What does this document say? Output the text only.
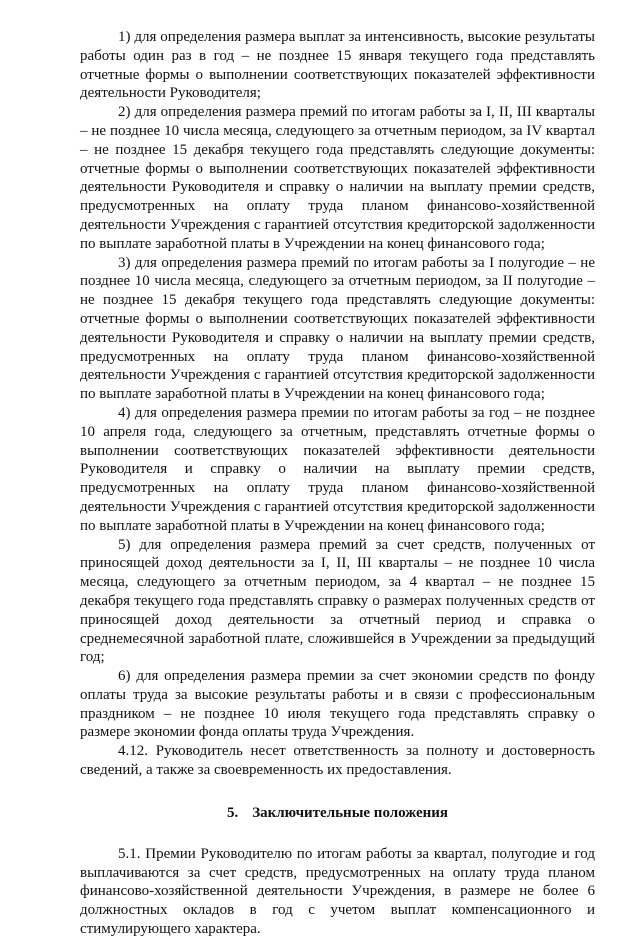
1) для определения размера выплат за интенсивность, высокие результаты работы один раз в год – не позднее 15 января текущего года представлять отчетные формы о выполнении соответствующих показателей эффективности деятельности Руководителя;

2) для определения размера премий по итогам работы за I, II, III кварталы – не позднее 10 числа месяца, следующего за отчетным периодом, за IV квартал – не позднее 15 декабря текущего года представлять следующие документы: отчетные формы о выполнении соответствующих показателей эффективности деятельности Руководителя и справку о наличии на выплату премии средств, предусмотренных на оплату труда планом финансово-хозяйственной деятельности Учреждения с гарантией отсутствия кредиторской задолженности по выплате заработной платы в Учреждении на конец финансового года;

3) для определения размера премий по итогам работы за I полугодие – не позднее 10 числа месяца, следующего за отчетным периодом, за II полугодие – не позднее 15 декабря текущего года представлять следующие документы: отчетные формы о выполнении соответствующих показателей эффективности деятельности Руководителя и справку о наличии на выплату премии средств, предусмотренных на оплату труда планом финансово-хозяйственной деятельности Учреждения с гарантией отсутствия кредиторской задолженности по выплате заработной платы в Учреждении на конец финансового года;

4) для определения размера премии по итогам работы за год – не позднее 10 апреля года, следующего за отчетным, представлять отчетные формы о выполнении соответствующих показателей эффективности деятельности Руководителя и справку о наличии на выплату премии средств, предусмотренных на оплату труда планом финансово-хозяйственной деятельности Учреждения с гарантией отсутствия кредиторской задолженности по выплате заработной платы в Учреждении на конец финансового года;

5) для определения размера премий за счет средств, полученных от приносящей доход деятельности за I, II, III кварталы – не позднее 10 числа месяца, следующего за отчетным периодом, за 4 квартал – не позднее 15 декабря текущего года представлять справку о размерах полученных средств от приносящей доход деятельности за отчетный период и справка о среднемесячной заработной плате, сложившейся в Учреждении за предыдущий год;

6) для определения размера премии за счет экономии средств по фонду оплаты труда за высокие результаты работы и в связи с профессиональным праздником – не позднее 10 июля текущего года представлять справку о размере экономии фонда оплаты труда Учреждения.

4.12. Руководитель несет ответственность за полноту и достоверность сведений, а также за своевременность их предоставления.

5. Заключительные положения

5.1. Премии Руководителю по итогам работы за квартал, полугодие и год выплачиваются за счет средств, предусмотренных на оплату труда планом финансово-хозяйственной деятельности Учреждения, в размере не более 6 должностных окладов в год с учетом выплат компенсационного и стимулирующего характера.
